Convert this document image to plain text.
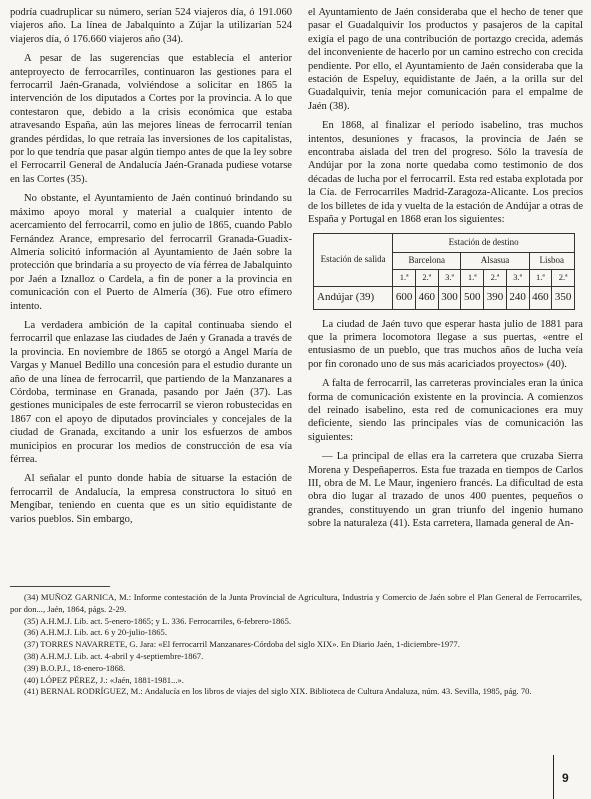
podría cuadruplicar su número, serían 524 viajeros día, ó 191.060 viajeros año. La línea de Jabalquinto a Zújar la utilizarían 524 viajeros día, ó 176.660 viajeros año (34).

A pesar de las sugerencias que establecía el anterior anteproyecto de ferrocarriles, continuaron las gestiones para el ferrocarril Jaén-Granada, volviéndose a solicitar en 1865 la intervención de los diputados a Cortes por la provincia. A lo que contestaron que, debido a la crisis económica que estaba atravesando España, aún las mejores líneas de ferrocarril tenían grandes pérdidas, lo que retraía las inversiones de los capitalistas, por lo que tendría que pasar algún tiempo antes de que la ley sobre el Ferrocarril General de Andalucía Jaén-Granada pudiese votarse en las Cortes (35).

No obstante, el Ayuntamiento de Jaén continuó brindando su máximo apoyo moral y material a cualquier intento de acercamiento del ferrocarril, como en julio de 1865, cuando Pablo Fernández Arance, empresario del ferrocarril Granada-Guadix-Almería solicitó información al Ayuntamiento de Jaén sobre la protección que brindaría a su proyecto de vía férrea de Jabalquinto por Jaén a Iznalloz o Cardela, a fin de poner a la provincia en comunicación con el Puerto de Almería (36). Fue otro efímero intento.

La verdadera ambición de la capital continuaba siendo el ferrocarril que enlazase las ciudades de Jaén y Granada a través de la provincia. En noviembre de 1865 se otorgó a Angel María de Vargas y Manuel Bedillo una concesión para el estudio durante un año de una línea de ferrocarril, que partiendo de la Manzanares a Córdoba, terminase en Granada, pasando por Jaén (37). Las gestiones municipales de este ferrocarril se vieron robustecidas en 1867 con el apoyo de diputados provinciales y concejales de la ciudad de Granada, excitando a unir los esfuerzos de ambos municipios en procurar los medios de construcción de esa vía férrea.

Al señalar el punto donde había de situarse la estación de ferrocarril de Andalucía, la empresa constructora lo situó en Mengíbar, teniendo en cuenta que es un sitio equidistante de varios pueblos. Sin embargo,

el Ayuntamiento de Jaén consideraba que el hecho de tener que pasar el Guadalquivir los productos y pasajeros de la capital exigía el pago de una contribución de portazgo crecida, además del inconveniente de hacerlo por un camino estrecho con crecida pendiente. Por ello, el Ayuntamiento de Jaén consideraba que la estación de Espeluy, equidistante de Jaén, a la orilla sur del Guadalquivir, tenía mejor comunicación para el empalme de Jaén (38).

En 1868, al finalizar el período isabelino, tras muchos intentos, desuniones y fracasos, la provincia de Jaén se encontraba aislada del tren del progreso. Sólo la travesía de Andújar por la zona norte quedaba como testimonio de dos décadas de lucha por el ferrocarril. Esta red estaba explotada por la Cía. de Ferrocarriles Madrid-Zaragoza-Alicante. Los precios de los billetes de ida y vuelta de la estación de Andújar a otras de España y Portugal en 1868 eran los siguientes:

Estación de salida	Estación de destino							
	Barcelona			Alsasua			Lisboa	
	1.ª	2.ª	3.ª	1.ª	2.ª	3.ª	1.ª	2.ª
Andújar (39)	600	460	300	500	390	240	460	350

La ciudad de Jaén tuvo que esperar hasta julio de 1881 para que la primera locomotora llegase a sus puertas, «entre el entusiasmo de un pueblo, que tras muchos años de lucha veía por fin coronado uno de sus más acariciados proyectos» (40).

A falta de ferrocarril, las carreteras provinciales eran la única forma de comunicación existente en la provincia. A comienzos del reinado isabelino, esta red de comunicaciones era muy deficiente, siendo las principales vías de comunicación las siguientes:

— La principal de ellas era la carretera que cruzaba Sierra Morena y Despeñaperros. Esta fue trazada en tiempos de Carlos III, obra de M. Le Maur, ingeniero francés. La dificultad de esta obra dio lugar al trazado de unos 400 puentes, pequeños o grandes, constituyendo un gran triunfo del ingenio humano sobre la naturaleza (41). Esta carretera, llamada general de An-

(34) MUÑOZ GARNICA, M.: Informe contestación de la Junta Provincial de Agricultura, Industria y Comercio de Jaén sobre el Plan General de Ferrocarriles, por don..., Jaén, 1864, págs. 2-29.

(35) A.H.M.J. Lib. act. 5-enero-1865; y L. 336. Ferrocarriles, 6-febrero-1865.

(36) A.H.M.J. Lib. act. 6 y 20-julio-1865.

(37) TORRES NAVARRETE, G. Jara: «El ferrocarril Manzanares-Córdoba del siglo XIX». En Diario Jaén, 1-diciembre-1977.

(38) A.H.M.J. Lib. act. 4-abril y 4-septiembre-1867.

(39) B.O.P.J., 18-enero-1868.

(40) LÓPEZ PÉREZ, J.: «Jaén, 1881-1981...».

(41) BERNAL RODRÍGUEZ, M.: Andalucía en los libros de viajes del siglo XIX. Biblioteca de Cultura Andaluza, núm. 43. Sevilla, 1985, pág. 70.

9
